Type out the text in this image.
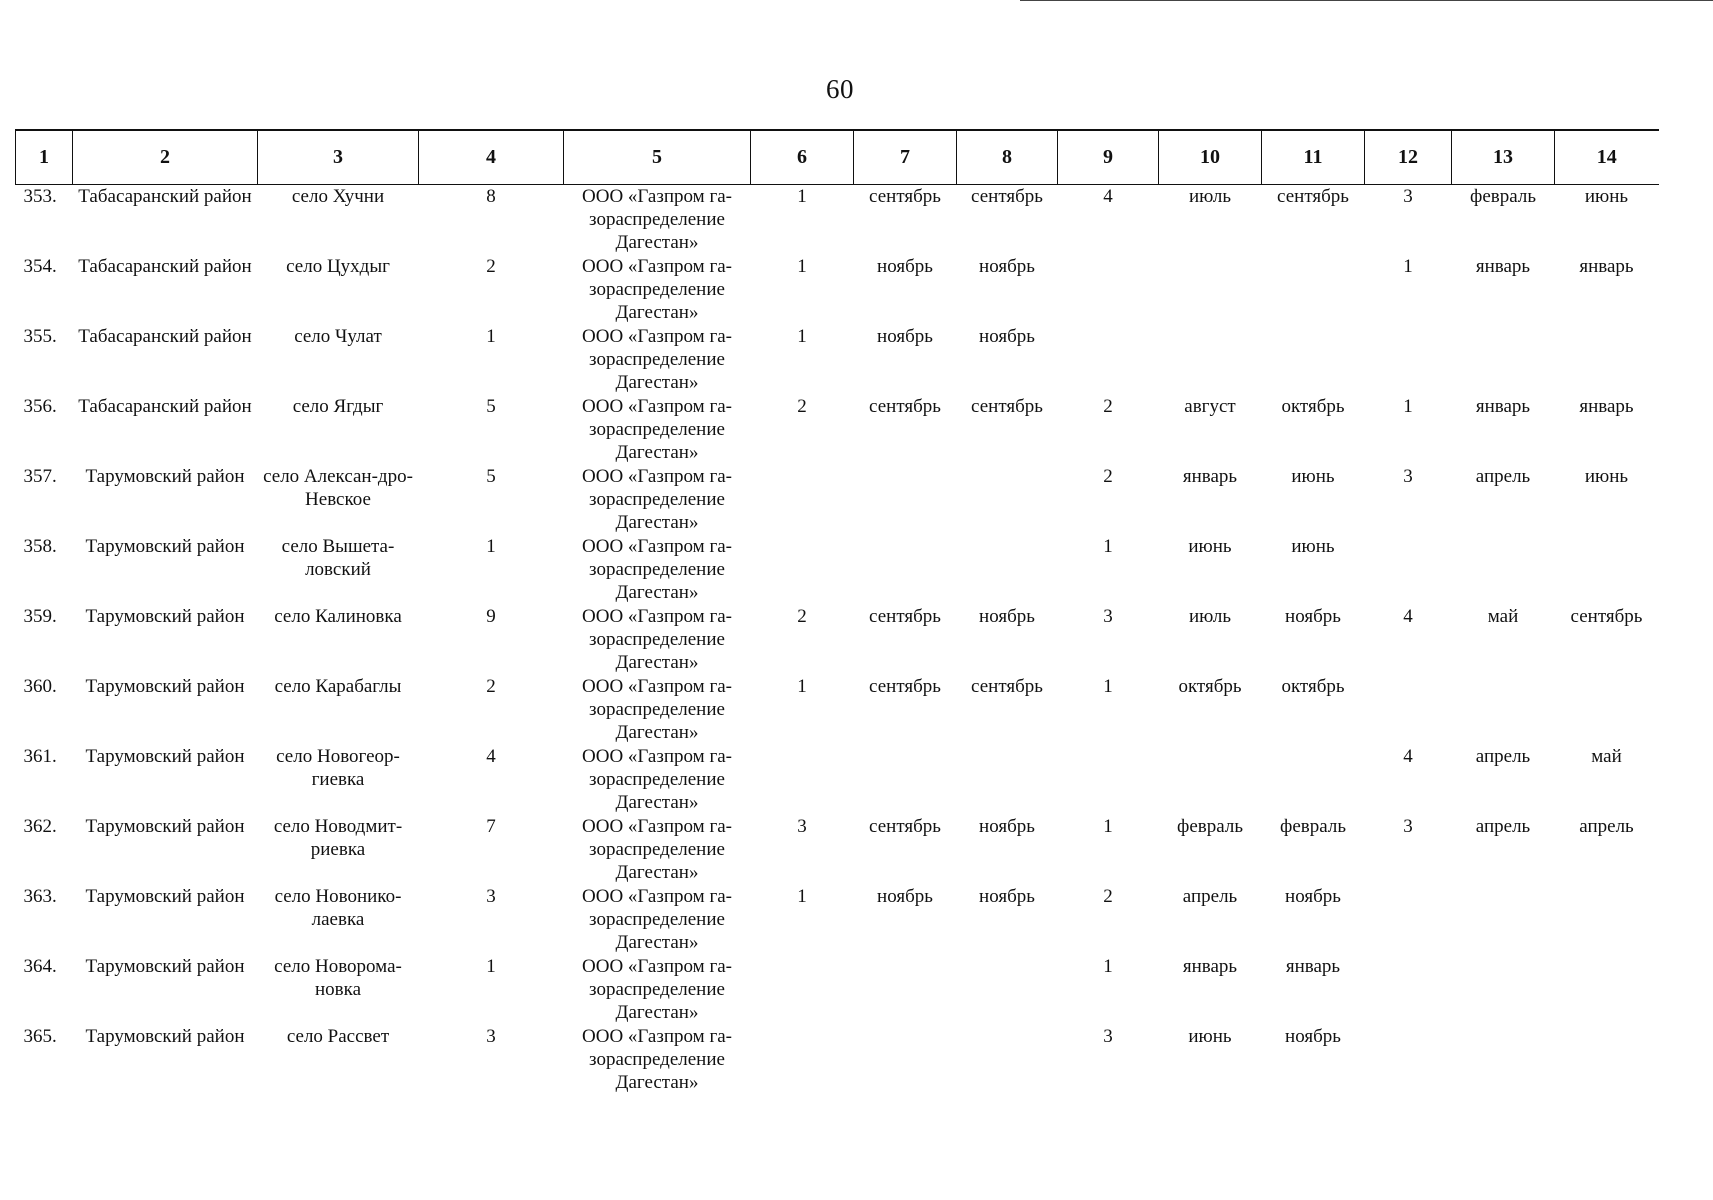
60
1	2	3	4	5	6	7	8	9	10	11	12	13	14
353.	Табасаранский район	село Хучни	8	ООО «Газпром га-
зораспределение
Дагестан»	1	сентябрь	сентябрь	4	июль	сентябрь	3	февраль	июнь
354.	Табасаранский район	село Цухдыг	2	ООО «Газпром га-
зораспределение
Дагестан»	1	ноябрь	ноябрь				1	январь	январь
355.	Табасаранский район	село Чулат	1	ООО «Газпром га-
зораспределение
Дагестан»	1	ноябрь	ноябрь						
356.	Табасаранский район	село Ягдыг	5	ООО «Газпром га-
зораспределение
Дагестан»	2	сентябрь	сентябрь	2	август	октябрь	1	январь	январь
357.	Тарумовский район	село Алексан-дро-Невское	5	ООО «Газпром га-
зораспределение
Дагестан»				2	январь	июнь	3	апрель	июнь
358.	Тарумовский район	село Вышета-ловский	1	ООО «Газпром га-
зораспределение
Дагестан»				1	июнь	июнь			
359.	Тарумовский район	село Калиновка	9	ООО «Газпром га-
зораспределение
Дагестан»	2	сентябрь	ноябрь	3	июль	ноябрь	4	май	сентябрь
360.	Тарумовский район	село Карабаглы	2	ООО «Газпром га-
зораспределение
Дагестан»	1	сентябрь	сентябрь	1	октябрь	октябрь			
361.	Тарумовский район	село Новогеор-гиевка	4	ООО «Газпром га-
зораспределение
Дагестан»							4	апрель	май
362.	Тарумовский район	село Новодмит-риевка	7	ООО «Газпром га-
зораспределение
Дагестан»	3	сентябрь	ноябрь	1	февраль	февраль	3	апрель	апрель
363.	Тарумовский район	село Новонико-лаевка	3	ООО «Газпром га-
зораспределение
Дагестан»	1	ноябрь	ноябрь	2	апрель	ноябрь			
364.	Тарумовский район	село Новорома-новка	1	ООО «Газпром га-
зораспределение
Дагестан»				1	январь	январь			
365.	Тарумовский район	село Рассвет	3	ООО «Газпром га-
зораспределение
Дагестан»				3	июнь	ноябрь			
